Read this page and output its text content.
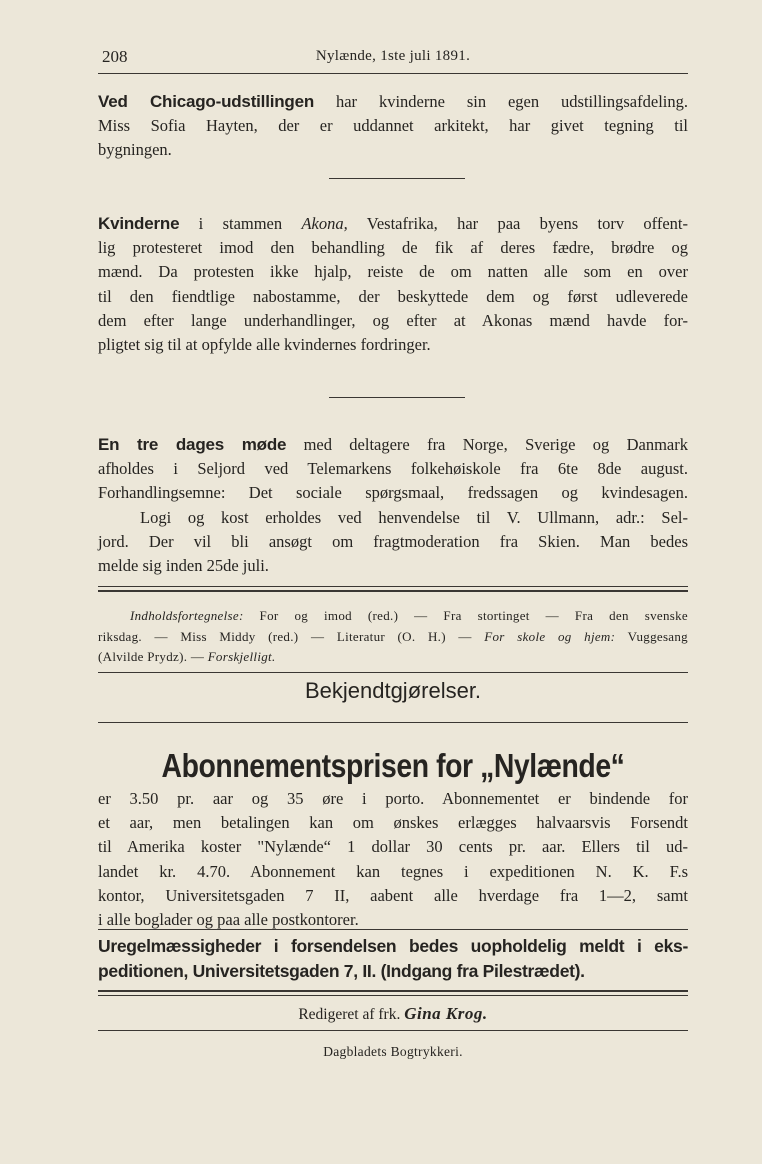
208	Nylænde, 1ste juli 1891.
Ved Chicago-udstillingen har kvinderne sin egen udstillingsafdeling.
Miss Sofia Hayten, der er uddannet arkitekt, har givet tegning til
bygningen.
Kvinderne i stammen Akona, Vestafrika, har paa byens torv offent-
lig protesteret imod den behandling de fik af deres fædre, brødre og
mænd. Da protesten ikke hjalp, reiste de om natten alle som en over
til den fiendtlige nabostamme, der beskyttede dem og først udleverede
dem efter lange underhandlinger, og efter at Akonas mænd havde for-
pligtet sig til at opfylde alle kvindernes fordringer.
En tre dages møde med deltagere fra Norge, Sverige og Danmark
afholdes i Seljord ved Telemarkens folkehøiskole fra 6te 8de august.
Forhandlingsemne: Det sociale spørgsmaal, fredssagen og kvindesagen.
Logi og kost erholdes ved henvendelse til V. Ullmann, adr.: Sel-
jord. Der vil bli ansøgt om fragtmoderation fra Skien. Man bedes
melde sig inden 25de juli.
Indholdsfortegnelse: For og imod (red.) — Fra stortinget — Fra den svenske
riksdag. — Miss Middy (red.) — Literatur (O. H.) — For skole og hjem: Vuggesang
(Alvilde Prydz). — Forskjelligt.
Bekjendtgjørelser.
Abonnementsprisen for „Nylænde“
er 3.50 pr. aar og 35 øre i porto. Abonnementet er bindende for
et aar, men betalingen kan om ønskes erlægges halvaarsvis Forsendt
til Amerika koster "Nylænde“ 1 dollar 30 cents pr. aar. Ellers til ud-
landet kr. 4.70. Abonnement kan tegnes i expeditionen N. K. F.s
kontor, Universitetsgaden 7 II, aabent alle hverdage fra 1—2, samt
i alle boglader og paa alle postkontorer.
Uregelmæssigheder i forsendelsen bedes uopholdelig meldt i eks-
peditionen, Universitetsgaden 7, II. (Indgang fra Pilestrædet).
Redigeret af frk. Gina Krog.
Dagbladets Bogtrykkeri.
